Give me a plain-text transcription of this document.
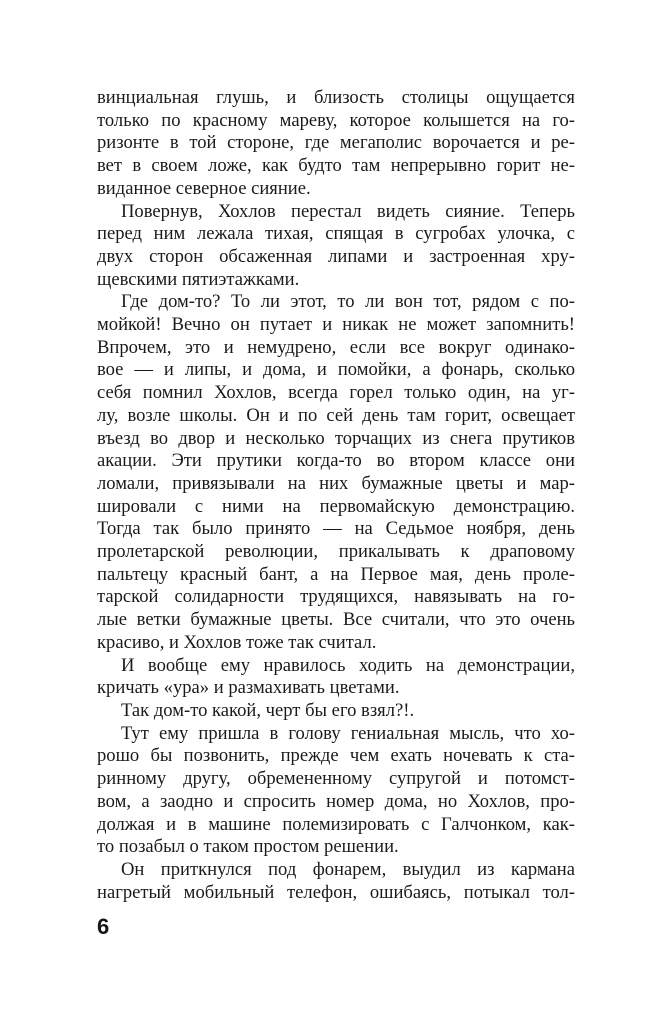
винциальная глушь, и близость столицы ощущается
только по красному мареву, которое колышется на го-
ризонте в той стороне, где мегаполис ворочается и ре-
вет в своем ложе, как будто там непрерывно горит не-
виданное северное сияние.

Повернув, Хохлов перестал видеть сияние. Теперь
перед ним лежала тихая, спящая в сугробах улочка, с
двух сторон обсаженная липами и застроенная хру-
щевскими пятиэтажками.

Где дом-то? То ли этот, то ли вон тот, рядом с по-
мойкой! Вечно он путает и никак не может запомнить!
Впрочем, это и немудрено, если все вокруг одинако-
вое — и липы, и дома, и помойки, а фонарь, сколько
себя помнил Хохлов, всегда горел только один, на уг-
лу, возле школы. Он и по сей день там горит, освещает
въезд во двор и несколько торчащих из снега прутиков
акации. Эти прутики когда-то во втором классе они
ломали, привязывали на них бумажные цветы и мар-
шировали с ними на первомайскую демонстрацию.
Тогда так было принято — на Седьмое ноября, день
пролетарской революции, прикалывать к драповому
пальтецу красный бант, а на Первое мая, день проле-
тарской солидарности трудящихся, навязывать на го-
лые ветки бумажные цветы. Все считали, что это очень
красиво, и Хохлов тоже так считал.

И вообще ему нравилось ходить на демонстрации,
кричать «ура» и размахивать цветами.

Так дом-то какой, черт бы его взял?!.

Тут ему пришла в голову гениальная мысль, что хо-
рошо бы позвонить, прежде чем ехать ночевать к ста-
ринному другу, обремененному супругой и потомст-
вом, а заодно и спросить номер дома, но Хохлов, про-
должая и в машине полемизировать с Галчонком, как-
то позабыл о таком простом решении.

Он приткнулся под фонарем, выудил из кармана
нагретый мобильный телефон, ошибаясь, потыкал тол-

6
